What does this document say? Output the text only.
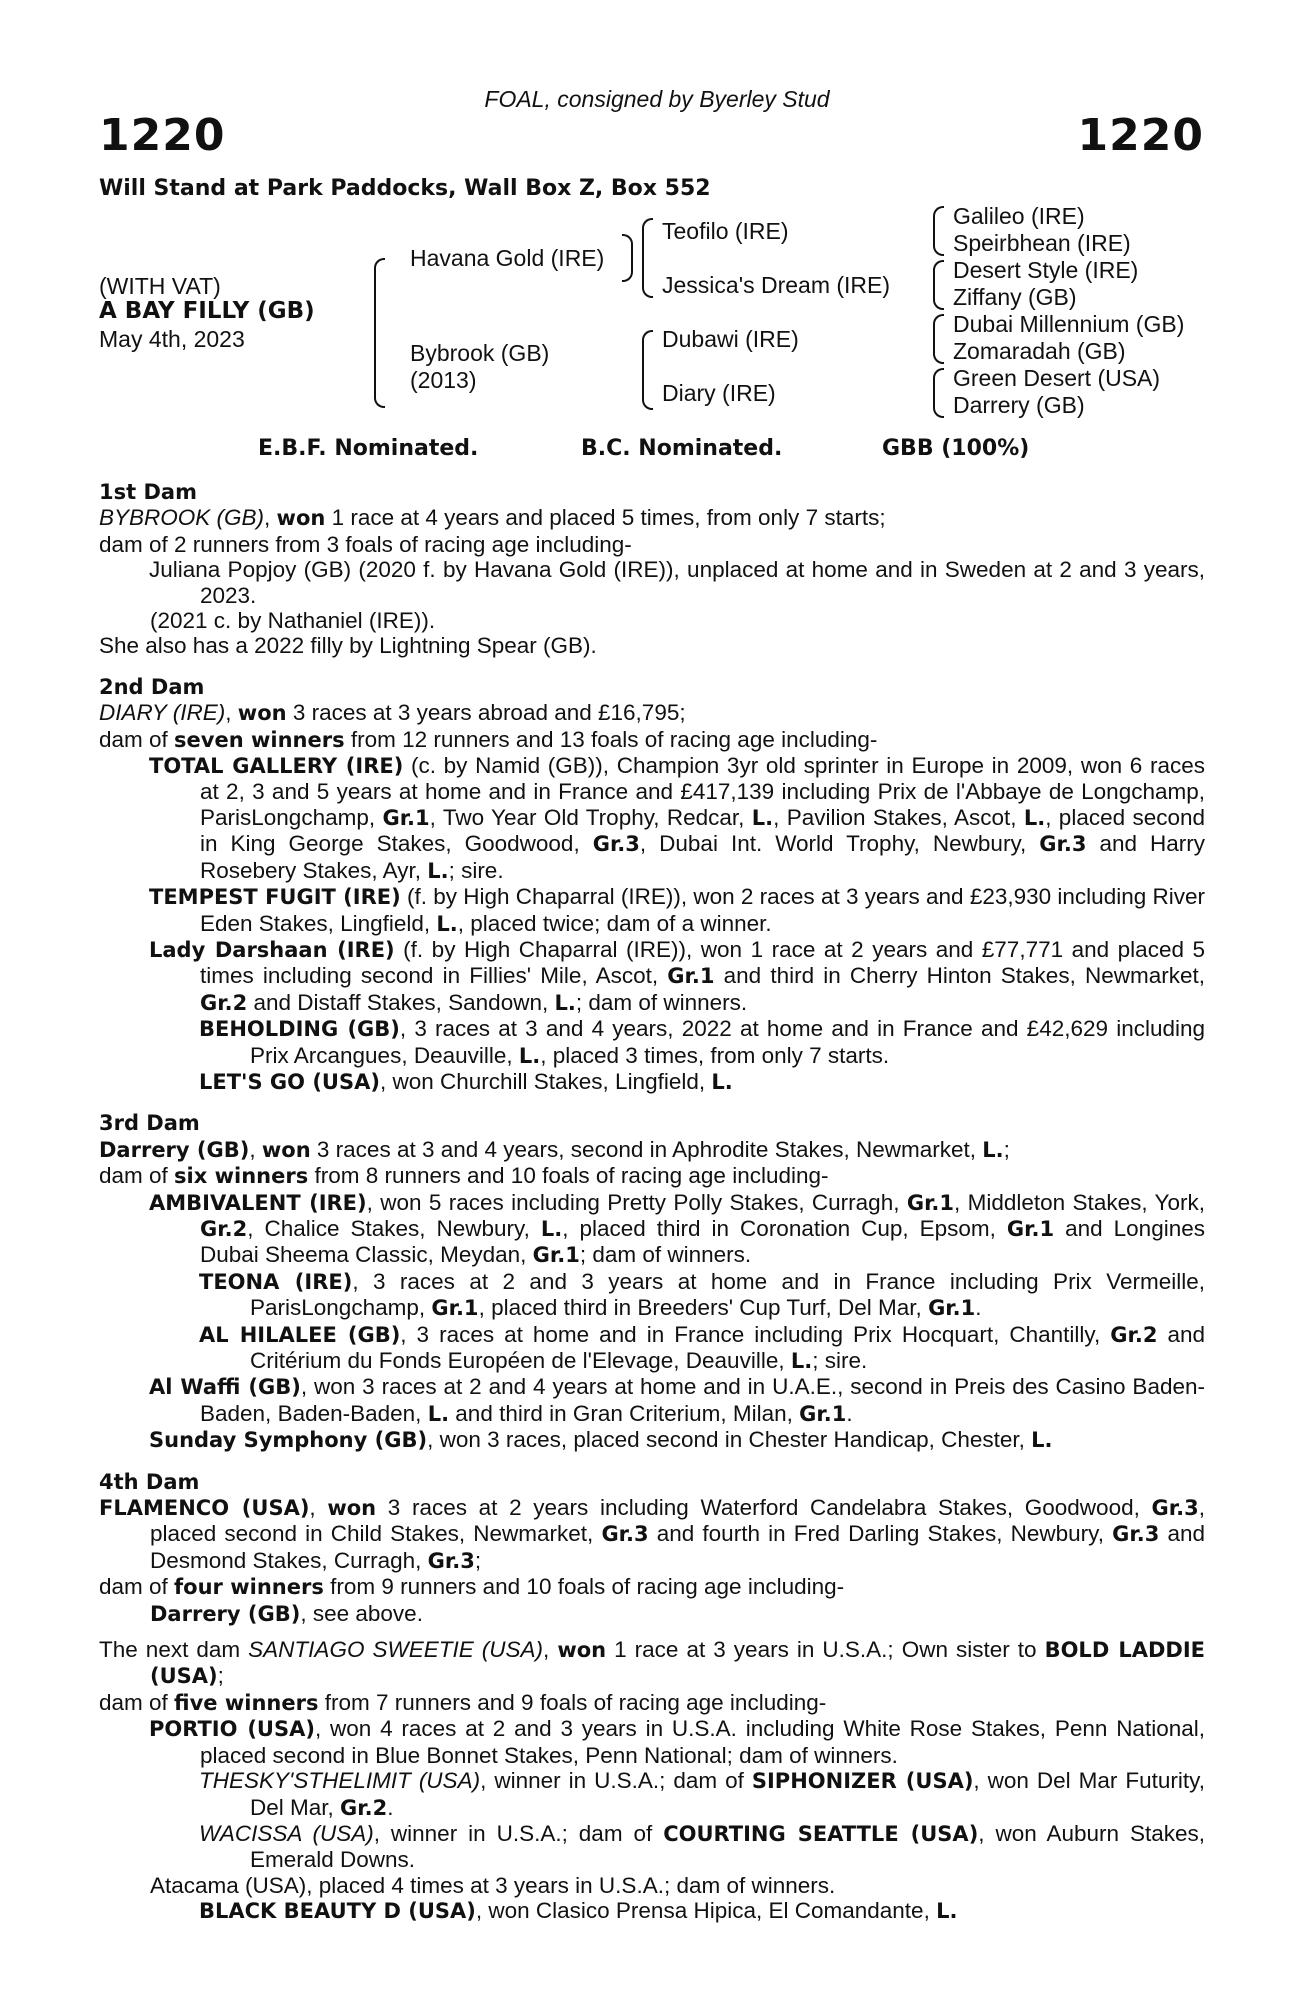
FOAL, consigned by Byerley Stud
1220	1220
Will Stand at Park Paddocks, Wall Box Z, Box 552
(WITH VAT)
A BAY FILLY (GB)
May 4th, 2023
Havana Gold (IRE)
Bybrook (GB)
(2013)
Teofilo (IRE)
Jessica's Dream (IRE)
Dubawi (IRE)
Diary (IRE)
Galileo (IRE)
Speirbhean (IRE)
Desert Style (IRE)
Ziffany (GB)
Dubai Millennium (GB)
Zomaradah (GB)
Green Desert (USA)
Darrery (GB)
E.B.F. Nominated.	B.C. Nominated.	GBB (100%)
1st Dam
BYBROOK (GB), won 1 race at 4 years and placed 5 times, from only 7 starts;
dam of 2 runners from 3 foals of racing age including-
Juliana Popjoy (GB) (2020 f. by Havana Gold (IRE)), unplaced at home and in Sweden at 2 and 3 years, 2023.
(2021 c. by Nathaniel (IRE)).
She also has a 2022 filly by Lightning Spear (GB).
2nd Dam
DIARY (IRE), won 3 races at 3 years abroad and £16,795;
dam of seven winners from 12 runners and 13 foals of racing age including-
TOTAL GALLERY (IRE) (c. by Namid (GB)), Champion 3yr old sprinter in Europe in 2009, won 6 races at 2, 3 and 5 years at home and in France and £417,139 including Prix de l'Abbaye de Longchamp, ParisLongchamp, Gr.1, Two Year Old Trophy, Redcar, L., Pavilion Stakes, Ascot, L., placed second in King George Stakes, Goodwood, Gr.3, Dubai Int. World Trophy, Newbury, Gr.3 and Harry Rosebery Stakes, Ayr, L.; sire.
TEMPEST FUGIT (IRE) (f. by High Chaparral (IRE)), won 2 races at 3 years and £23,930 including River Eden Stakes, Lingfield, L., placed twice; dam of a winner.
Lady Darshaan (IRE) (f. by High Chaparral (IRE)), won 1 race at 2 years and £77,771 and placed 5 times including second in Fillies' Mile, Ascot, Gr.1 and third in Cherry Hinton Stakes, Newmarket, Gr.2 and Distaff Stakes, Sandown, L.; dam of winners.
BEHOLDING (GB), 3 races at 3 and 4 years, 2022 at home and in France and £42,629 including Prix Arcangues, Deauville, L., placed 3 times, from only 7 starts.
LET'S GO (USA), won Churchill Stakes, Lingfield, L.
3rd Dam
Darrery (GB), won 3 races at 3 and 4 years, second in Aphrodite Stakes, Newmarket, L.;
dam of six winners from 8 runners and 10 foals of racing age including-
AMBIVALENT (IRE), won 5 races including Pretty Polly Stakes, Curragh, Gr.1, Middleton Stakes, York, Gr.2, Chalice Stakes, Newbury, L., placed third in Coronation Cup, Epsom, Gr.1 and Longines Dubai Sheema Classic, Meydan, Gr.1; dam of winners.
TEONA (IRE), 3 races at 2 and 3 years at home and in France including Prix Vermeille, ParisLongchamp, Gr.1, placed third in Breeders' Cup Turf, Del Mar, Gr.1.
AL HILALEE (GB), 3 races at home and in France including Prix Hocquart, Chantilly, Gr.2 and Critérium du Fonds Européen de l'Elevage, Deauville, L.; sire.
Al Waffi (GB), won 3 races at 2 and 4 years at home and in U.A.E., second in Preis des Casino Baden-Baden, Baden-Baden, L. and third in Gran Criterium, Milan, Gr.1.
Sunday Symphony (GB), won 3 races, placed second in Chester Handicap, Chester, L.
4th Dam
FLAMENCO (USA), won 3 races at 2 years including Waterford Candelabra Stakes, Goodwood, Gr.3, placed second in Child Stakes, Newmarket, Gr.3 and fourth in Fred Darling Stakes, Newbury, Gr.3 and Desmond Stakes, Curragh, Gr.3;
dam of four winners from 9 runners and 10 foals of racing age including-
Darrery (GB), see above.
The next dam SANTIAGO SWEETIE (USA), won 1 race at 3 years in U.S.A.; Own sister to BOLD LADDIE (USA);
dam of five winners from 7 runners and 9 foals of racing age including-
PORTIO (USA), won 4 races at 2 and 3 years in U.S.A. including White Rose Stakes, Penn National, placed second in Blue Bonnet Stakes, Penn National; dam of winners.
THESKY'STHELIMIT (USA), winner in U.S.A.; dam of SIPHONIZER (USA), won Del Mar Futurity, Del Mar, Gr.2.
WACISSA (USA), winner in U.S.A.; dam of COURTING SEATTLE (USA), won Auburn Stakes, Emerald Downs.
Atacama (USA), placed 4 times at 3 years in U.S.A.; dam of winners.
BLACK BEAUTY D (USA), won Clasico Prensa Hipica, El Comandante, L.
